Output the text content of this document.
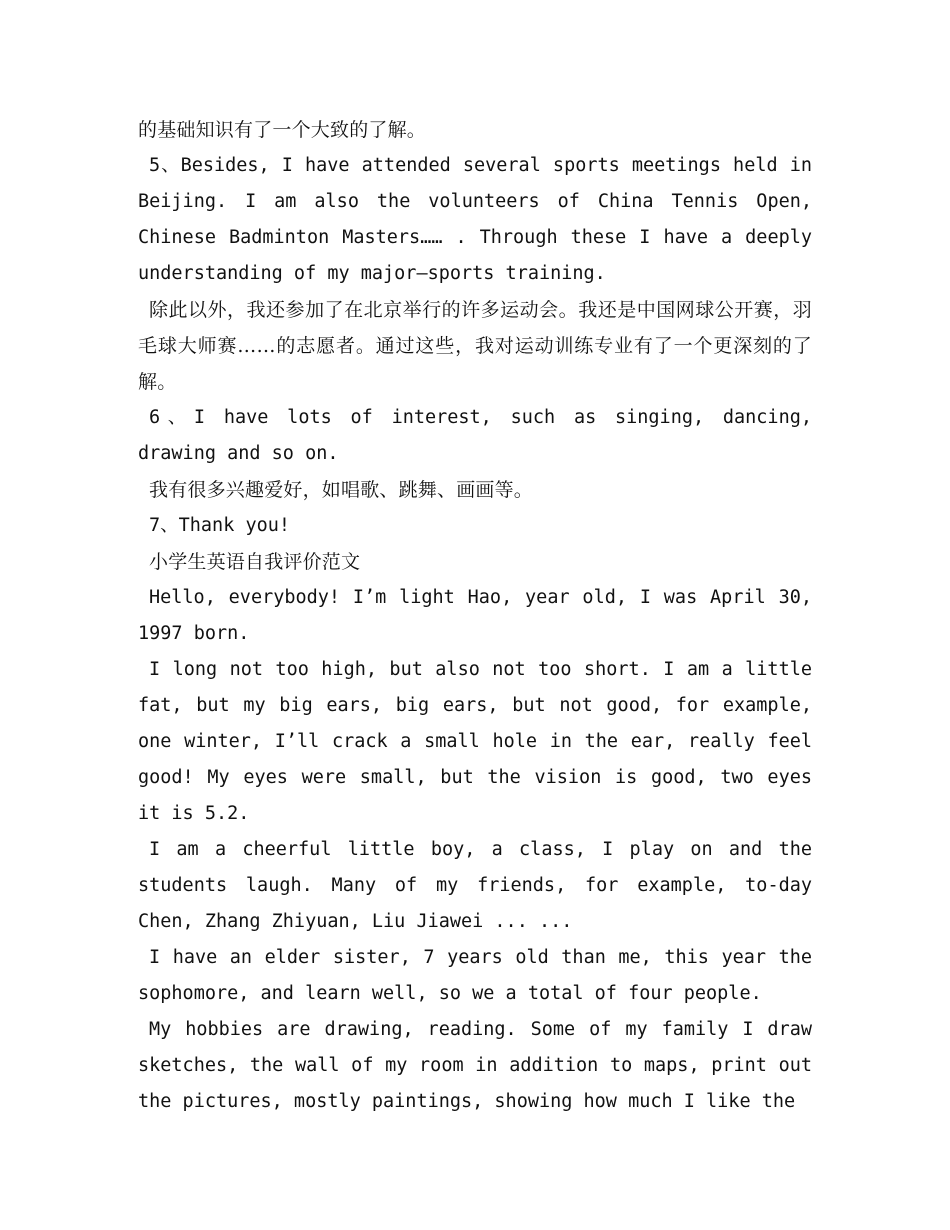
的基础知识有了一个大致的了解。

5、Besides, I have attended several sports meetings held in Beijing. I am also the volunteers of China Tennis Open, Chinese Badminton Masters…… . Through these I have a deeply understanding of my major—sports training.

除此以外，我还参加了在北京举行的许多运动会。我还是中国网球公开赛，羽毛球大师赛……的志愿者。通过这些，我对运动训练专业有了一个更深刻的了解。

6、I have lots of interest, such as singing, dancing, drawing and so on.

我有很多兴趣爱好，如唱歌、跳舞、画画等。

7、Thank you!

小学生英语自我评价范文

Hello, everybody! I’m light Hao, year old, I was April 30, 1997 born.

I long not too high, but also not too short. I am a little fat, but my big ears, big ears, but not good, for example, one winter, I’ll crack a small hole in the ear, really feel good! My eyes were small, but the vision is good, two eyes it is 5.2.

I am a cheerful little boy, a class, I play on and the students laugh. Many of my friends, for example, to-day Chen, Zhang Zhiyuan, Liu Jiawei ... ...

I have an elder sister, 7 years old than me, this year the sophomore, and learn well, so we a total of four people.

My hobbies are drawing, reading. Some of my family I draw sketches, the wall of my room in addition to maps, print out the pictures, mostly paintings, showing how much I like the
